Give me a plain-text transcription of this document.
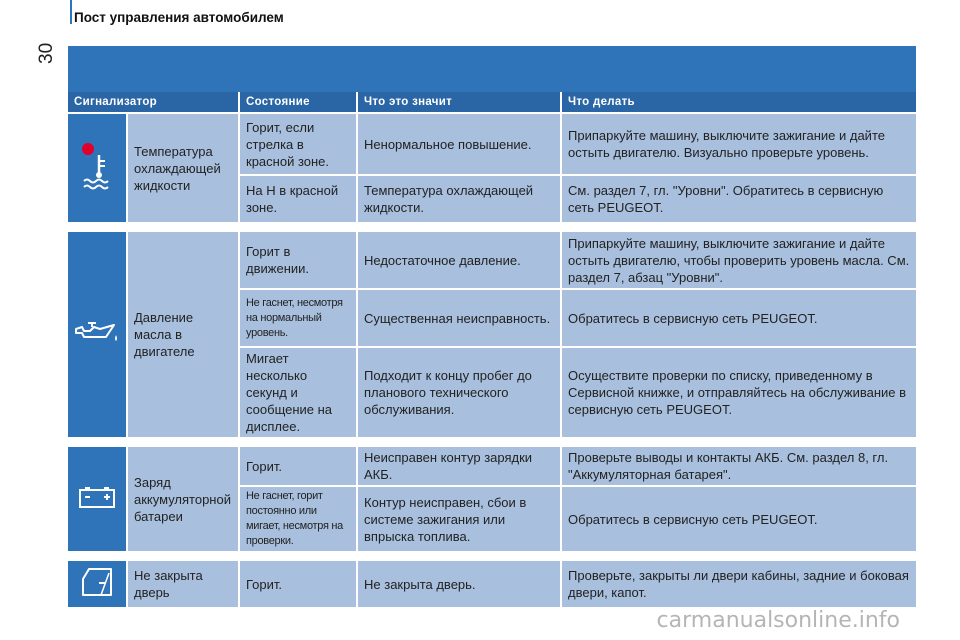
30
Пост управления автомобилем
Сигнализатор		Состояние	Что это значит	Что делать
	Температура охлаждающей жидкости	Горит, если стрелка в красной зоне.	Ненормальное повышение.	Припаркуйте машину, выключите зажигание и дайте остыть двигателю. Визуально проверьте уровень.
		На Н в красной зоне.	Температура охлаждающей жидкости.	См. раздел 7, гл. "Уровни". Обратитесь в сервисную сеть PEUGEOT.

	Давление масла в двигателе	Горит в движении.	Недостаточное давление.	Припаркуйте машину, выключите зажигание и дайте остыть двигателю, чтобы проверить уровень масла. См. раздел 7, абзац "Уровни".
		Не гаснет, несмотря на нормальный уровень.	Существенная неисправность.	Обратитесь в сервисную сеть PEUGEOT.
		Мигает несколько секунд и сообщение на дисплее.	Подходит к концу пробег до планового технического обслуживания.	Осуществите проверки по списку, приведенному в Сервисной книжке, и отправляйтесь на обслуживание в сервисную сеть PEUGEOT.

	Заряд аккумуляторной батареи	Горит.	Неисправен контур зарядки АКБ.	Проверьте выводы и контакты АКБ. См. раздел 8, гл. "Аккумуляторная батарея".
		Не гаснет, горит постоянно или мигает, несмотря на проверки.	Контур неисправен, сбои в системе зажигания или впрыска топлива.	Обратитесь в сервисную сеть PEUGEOT.

	Не закрыта дверь	Горит.	Не закрыта дверь.	Проверьте, закрыты ли двери кабины, задние и боковая двери, капот.
carmanualsonline.info
